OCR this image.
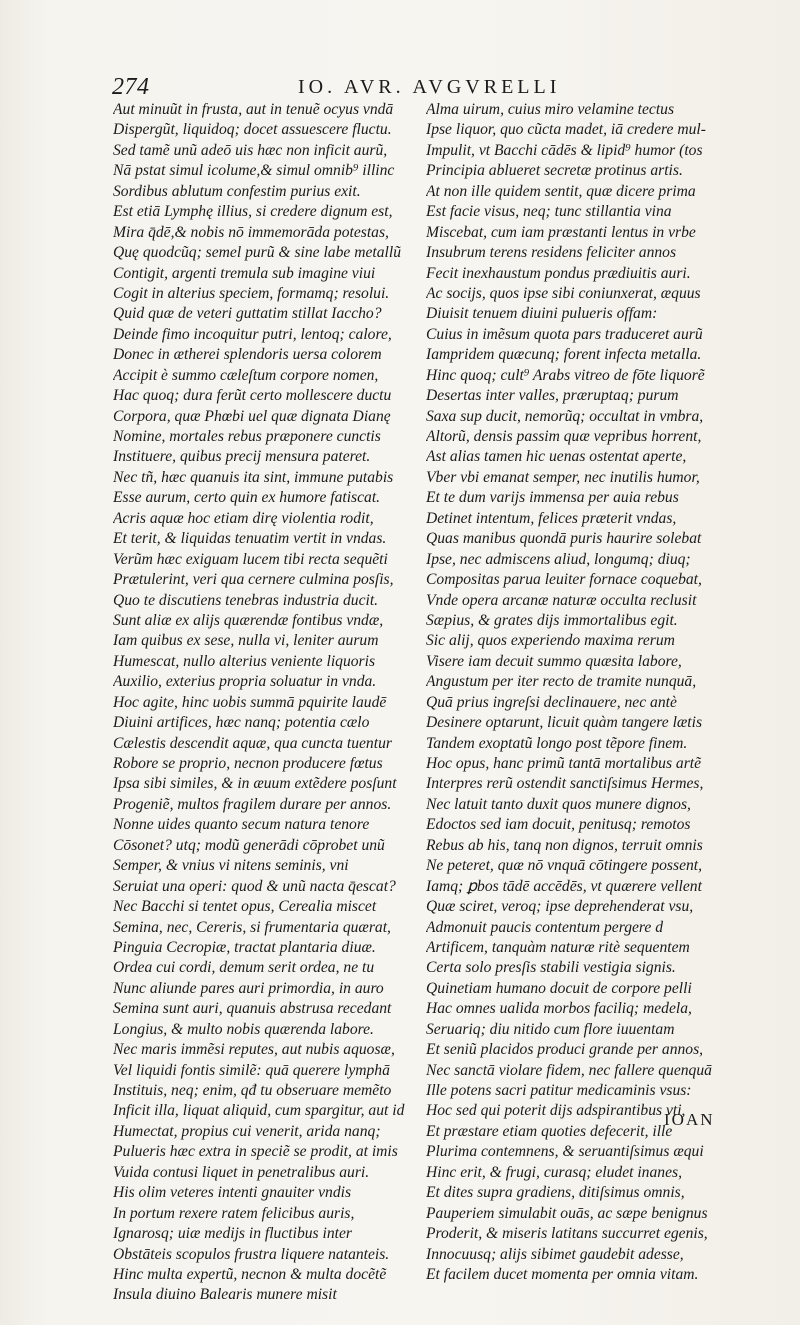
274	IO. AVR. AVGVRELLI
Aut minuũt in frusta, aut in tenuẽ ocyus vndā
Dispergũt, liquidoq; docet assuescere fluctu.
Sed tamẽ unũ adeō uis hæc non inficit aurũ,
Nā pstat simul icolume,& simul omnib⁹ illinc
Sordibus ablutum confestim purius exit.
Est etiā Lymphę illius, si credere dignum est,
Mira q̄dē,& nobis nō immemorāda potestas,
Quę quodcũq; semel purũ & sine labe metallũ
Contigit, argenti tremula sub imagine viui
Cogit in alterius speciem, formamq; resolui.
Quid quæ de veteri guttatim stillat Iaccho?
Deinde fimo incoquitur putri, lentoq; calore,
Donec in ætherei splendoris uersa colorem
Accipit è summo cæleſtum corpore nomen,
Hac quoq; dura ferũt certo mollescere ductu
Corpora, quæ Phœbi uel quæ dignata Dianę
Nomine, mortales rebus præponere cunctis
Instituere, quibus precij mensura pateret.
Nec tñ, hæc quanuis ita sint, immune putabis
Esse aurum, certo quin ex humore fatiscat.
Acris aquæ hoc etiam dirę violentia rodit,
Et terit, & liquidas tenuatim vertit in vndas.
Verũm hæc exiguam lucem tibi recta sequẽti
Prætulerint, veri qua cernere culmina posſis,
Quo te discutiens tenebras industria ducit.
Sunt aliæ ex alijs quærendæ fontibus vndæ,
Iam quibus ex sese, nulla vi, leniter aurum
Humescat, nullo alterius veniente liquoris
Auxilio, exterius propria soluatur in vnda.
Hoc agite, hinc uobis summā pquirite laudē
Diuini artifices, hæc nanq; potentia cælo
Cælestis descendit aquæ, qua cuncta tuentur
Robore se proprio, necnon producere fœtus
Ipsa sibi similes, & in æuum extẽdere posſunt
Progeniẽ, multos fragilem durare per annos.
Nonne uides quanto secum natura tenore
Cōsonet? utq; modũ generādi cōprobet unũ
Semper, & vnius vi nitens seminis, vni
Seruiat una operi: quod & unũ nacta q̄escat?
Nec Bacchi si tentet opus, Cerealia miscet
Semina, nec, Cereris, si frumentaria quærat,
Pinguia Cecropiæ, tractat plantaria diuæ.
Ordea cui cordi, demum serit ordea, ne tu
Nunc aliunde pares auri primordia, in auro
Semina sunt auri, quanuis abstrusa recedant
Longius, & multo nobis quærenda labore.
Nec maris immẽsi reputes, aut nubis aquosæ,
Vel liquidi fontis similẽ: quā querere lymphā
Instituis, neq; enim, qđ tu obseruare memẽto
Inficit illa, liquat aliquid, cum spargitur, aut id
Humectat, propius cui venerit, arida nanq;
Pulueris hæc extra in speciẽ se prodit, at imis
Vuida contusi liquet in penetralibus auri.
His olim veteres intenti gnauiter vndis
In portum rexere ratem felicibus auris,
Ignarosq; uiæ medijs in fluctibus inter
Obstāteis scopulos frustra liquere natanteis.
Hinc multa expertũ, necnon & multa docẽtẽ
Insula diuino Balearis munere misit
Alma uirum, cuius miro velamine tectus
Ipse liquor, quo cũcta madet, iā credere mul-
Impulit, vt Bacchi cādēs & lipid⁹ humor (tos
Principia ablueret secretæ protinus artis.
At non ille quidem sentit, quæ dicere prima
Est facie visus, neq; tunc stillantia vina
Miscebat, cum iam præstanti lentus in vrbe
Insubrum terens residens feliciter annos
Fecit inexhaustum pondus prædiuitis auri.
Ac socijs, quos ipse sibi coniunxerat, æquus
Diuisit tenuem diuini pulueris offam:
Cuius in imẽsum quota pars traduceret aurũ
Iampridem quæcunq; forent infecta metalla.
Hinc quoq; cult⁹ Arabs vitreo de fōte liquorẽ
Desertas inter valles, præruptaq; purum
Saxa sup ducit, nemorũq; occultat in vmbra,
Altorũ, densis passim quæ vepribus horrent,
Ast alias tamen hic uenas ostentat aperte,
Vber vbi emanat semper, nec inutilis humor,
Et te dum varijs immensa per auia rebus
Detinet intentum, felices præterit vndas,
Quas manibus quondā puris haurire solebat
Ipse, nec admiscens aliud, longumq; diuq;
Compositas parua leuiter fornace coquebat,
Vnde opera arcanæ naturæ occulta reclusit
Sæpius, & grates dijs immortalibus egit.
Sic alij, quos experiendo maxima rerum
Visere iam decuit summo quæsita labore,
Angustum per iter recto de tramite nunquā,
Quā prius ingreſsi declinauere, nec antè
Desinere optarunt, licuit quàm tangere lætis
Tandem exoptatũ longo post tẽpore finem.
Hoc opus, hanc primũ tantā mortalibus artẽ
Interpres rerũ ostendit sanctiſsimus Hermes,
Nec latuit tanto duxit quos munere dignos,
Edoctos sed iam docuit, penitusq; remotos
Rebus ab his, tanq non dignos, terruit omnis
Ne peteret, quæ nō vnquā cōtingere possent,
Iamq; ꝑbos tādē accēdēs, vt quærere vellent
Quæ sciret, veroq; ipse deprehenderat vsu,
Admonuit paucis contentum pergere d
Artificem, tanquàm naturæ ritè sequentem
Certa solo presſis stabili vestigia signis.
Quinetiam humano docuit de corpore pelli
Hac omnes ualida morbos faciliq; medela,
Seruariq; diu nitido cum flore iuuentam
Et seniũ placidos produci grande per annos,
Nec sanctā violare fidem, nec fallere quenquā
Ille potens sacri patitur medicaminis vsus:
Hoc sed qui poterit dijs adspirantibus vti,
Et præstare etiam quoties defecerit, ille
Plurima contemnens, & seruantiſsimus æqui
Hinc erit, & frugi, curasq; eludet inanes,
Et dites supra gradiens, ditiſsimus omnis,
Pauperiem simulabit ouās, ac sæpe benignus
Proderit, & miseris latitans succurret egenis,
Innocuusq; alijs sibimet gaudebit adesse,
Et facilem ducet momenta per omnia vitam.
IOAN
